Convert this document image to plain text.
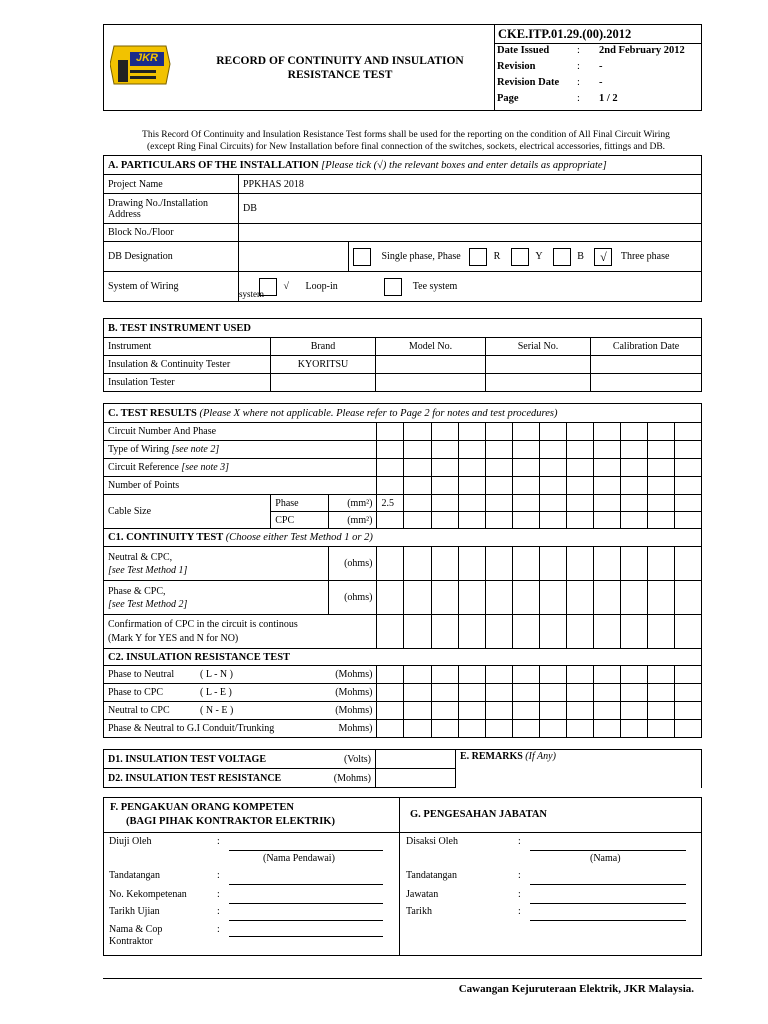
JKR	RECORD OF CONTINUITY AND INSULATION
RESISTANCE TEST
CKE.ITP.01.29.(00).2012
Date Issued	:	2nd February 2012
Revision	:	-
Revision Date	:	-
Page	:	1 / 2
This Record Of Continuity and Insulation Resistance Test forms shall be used for the reporting on the condition of All Final Circuit Wiring
(except Ring Final Circuits) for New Installation before final connection of the switches, sockets, electrical accessories, fittings and DB.
A. PARTICULARS OF THE INSTALLATION [Please tick (√) the relevant boxes and enter details as appropriate]		
Project Name	PPKHAS 2018	
Drawing No./Installation Address	DB	
Block No./Floor		
DB Designation		Single phase, Phase R Y B √ Three phase
System of Wiring	√ Loop-in Tee system
system	
B. TEST INSTRUMENT USED				
Instrument	Brand	Model No.	Serial No.	Calibration Date
Insulation & Continuity Tester	KYORITSU			
Insulation Tester				
C. TEST RESULTS (Please X where not applicable. Please refer to Page 2 for notes and test procedures)														
Circuit Number And Phase														
Type of Wiring [see note 2]														
Circuit Reference [see note 3]														
Number of Points														
Cable Size	Phase	(mm²)	2.5											
	CPC	(mm²)												
C1. CONTINUITY TEST (Choose either Test Method 1 or 2)														

Neutral & CPC,
[see Test Method 1]		(ohms)												

Phase & CPC,
[see Test Method 2]		(ohms)												

Confirmation of CPC in the circuit is continous
(Mark Y for YES and N for NO)														

C2. INSULATION RESISTANCE TEST														
Phase to Neutral ( L - N ) (Mohms)														

Phase to CPC ( L - E ) (Mohms)														

Neutral to CPC ( N - E ) (Mohms)														

Phase & Neutral to G.I Conduit/Trunking Mohms)														

D1. INSULATION TEST VOLTAGE (Volts)		E. REMARKS (If Any)
D2. INSULATION TEST RESISTANCE (Mohms)		

F. PENGAKUAN ORANG KOMPETEN
(BAGI PIHAK KONTRAKTOR ELEKTRIK)
G. PENGESAHAN JABATAN
Diuji Oleh	:
(Nama Pendawai)
Tandatangan	:
No. Kekompetenan	:
Tarikh Ujian	:
Nama & Cop
Kontraktor
:
Disaksi Oleh	:
(Nama)
Tandatangan	:
Jawatan	:
Tarikh	:
Cawangan Kejuruteraan Elektrik, JKR Malaysia.
